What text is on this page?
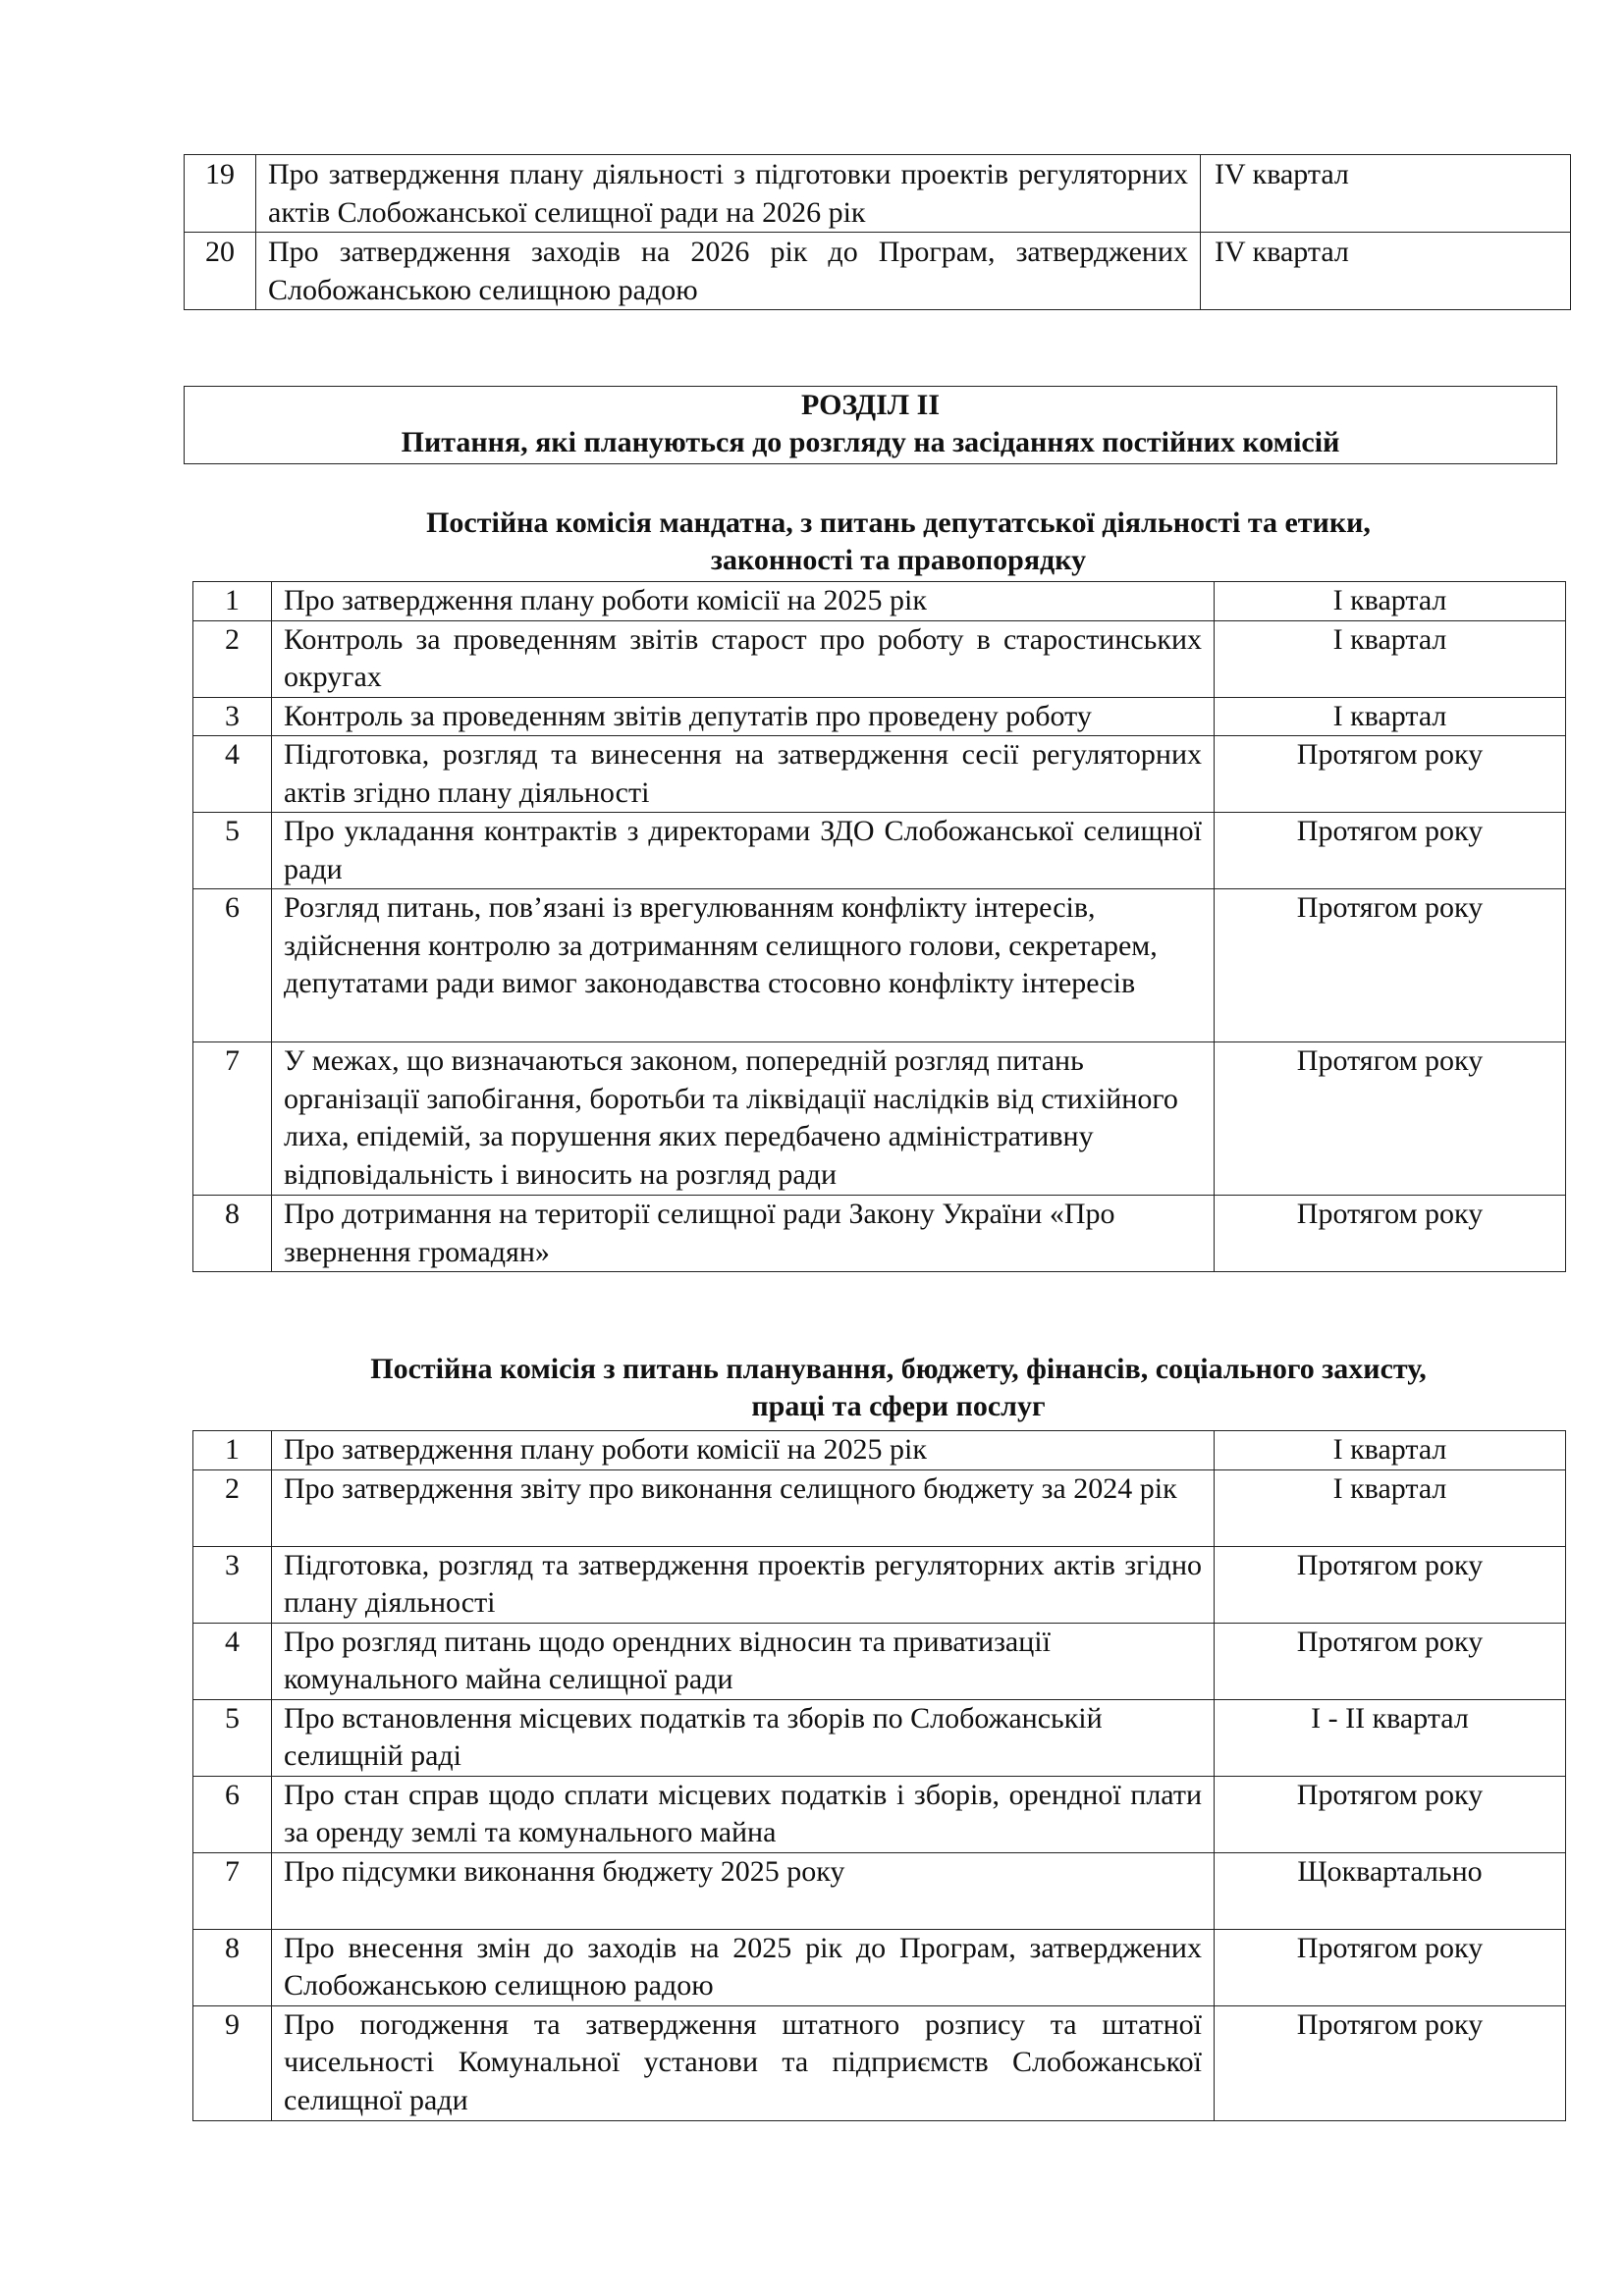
19	Про затвердження плану діяльності з підготовки проектів регуляторних актів Слобожанської селищної ради на 2026 рік	IV квартал
20	Про затвердження заходів на 2026 рік до Програм, затверджених Слобожанською селищною радою	IV квартал
РОЗДІЛ ІІ
Питання, які плануються до розгляду на засіданнях постійних комісій
Постійна комісія мандатна, з питань депутатської діяльності та етики,
законності та правопорядку
1	Про затвердження плану роботи комісії на 2025 рік	І квартал
2	Контроль за проведенням звітів старост про роботу в старостинських округах	І квартал
3	Контроль за проведенням звітів депутатів про проведену роботу	І квартал
4	Підготовка, розгляд та винесення на затвердження сесії регуляторних актів згідно плану діяльності	Протягом року
5	Про укладання контрактів з директорами ЗДО Слобожанської селищної ради	Протягом року
6	Розгляд питань, пов’язані із врегулюванням конфлікту інтересів, здійснення контролю за дотриманням селищного голови, секретарем, депутатами ради вимог законодавства стосовно конфлікту інтересів	Протягом року
7	У межах, що визначаються законом, попередній розгляд питань організації запобігання, боротьби та ліквідації наслідків від стихійного лиха, епідемій, за порушення яких передбачено адміністративну відповідальність і виносить на розгляд ради	Протягом року
8	Про дотримання на території селищної ради Закону України «Про звернення громадян»	Протягом року
Постійна комісія з питань планування, бюджету, фінансів, соціального захисту,
праці та сфери послуг
1	Про затвердження плану роботи комісії на 2025 рік	І квартал
2	Про затвердження звіту про виконання селищного бюджету за 2024 рік	І квартал
3	Підготовка, розгляд та затвердження проектів регуляторних актів згідно плану діяльності	Протягом року
4	Про розгляд питань щодо орендних відносин та приватизації комунального майна селищної ради	Протягом року
5	Про встановлення місцевих податків та зборів по Слобожанській селищній раді	І - ІІ квартал
6	Про стан справ щодо сплати місцевих податків і зборів, орендної плати за оренду землі та комунального майна	Протягом року
7	Про підсумки виконання бюджету 2025 року	Щоквартально
8	Про внесення змін до заходів на 2025 рік до Програм, затверджених Слобожанською селищною радою	Протягом року
9	Про погодження та затвердження штатного розпису та штатної чисельності Комунальної установи та підприємств Слобожанської селищної ради	Протягом року
